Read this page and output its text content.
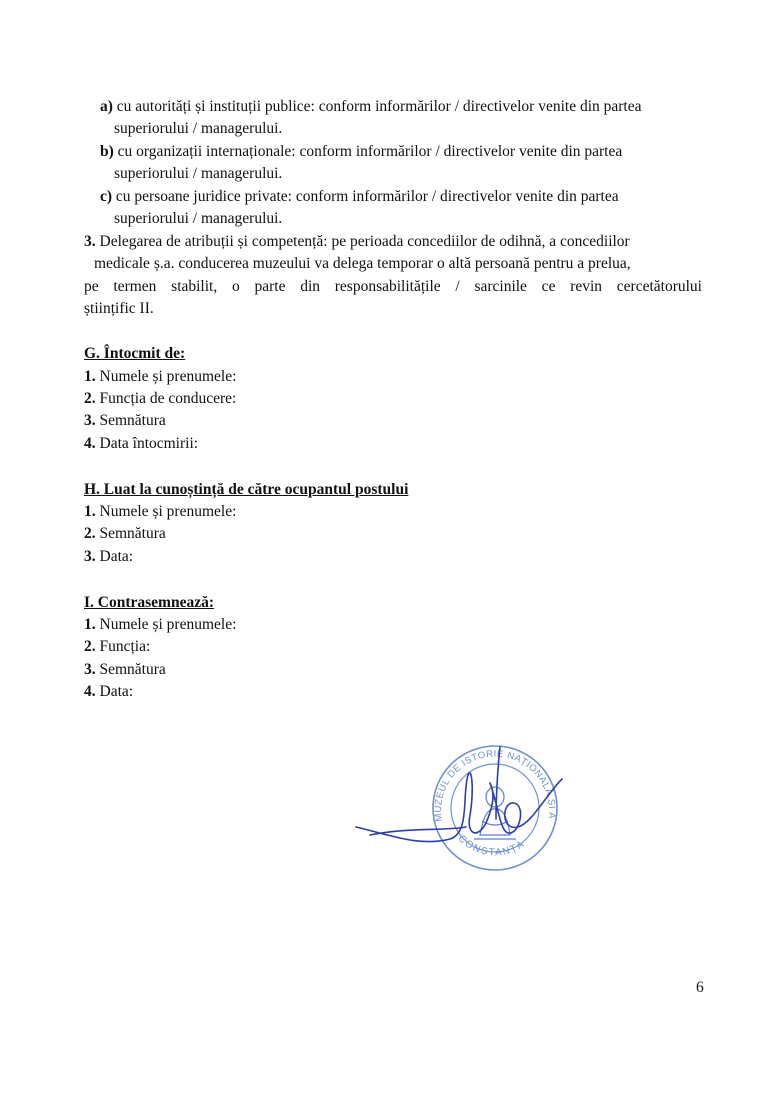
a) cu autorități și instituții publice: conform informărilor / directivelor venite din partea
superiorului / managerului.
b) cu organizații internaționale: conform informărilor / directivelor venite din partea
superiorului / managerului.
c) cu persoane juridice private: conform informărilor / directivelor venite din partea
superiorului / managerului.
3. Delegarea de atribuții și competență: pe perioada concediilor de odihnă, a concediilor
medicale ș.a. conducerea muzeului va delega temporar o altă persoană pentru a prelua,
pe termen stabilit, o parte din responsabilitățile / sarcinile ce revin cercetătorului
științific II.
G. Întocmit de:
1. Numele și prenumele:
2. Funcția de conducere:
3. Semnătura
4. Data întocmirii:
H. Luat la cunoștință de către ocupantul postului
1. Numele și prenumele:
2. Semnătura
3. Data:
I. Contrasemnează:
1. Numele și prenumele:
2. Funcția:
3. Semnătura
4. Data:
MUZEUL DE ISTORIE NAȚIONALĂ ȘI A
CONSTANȚA
6
